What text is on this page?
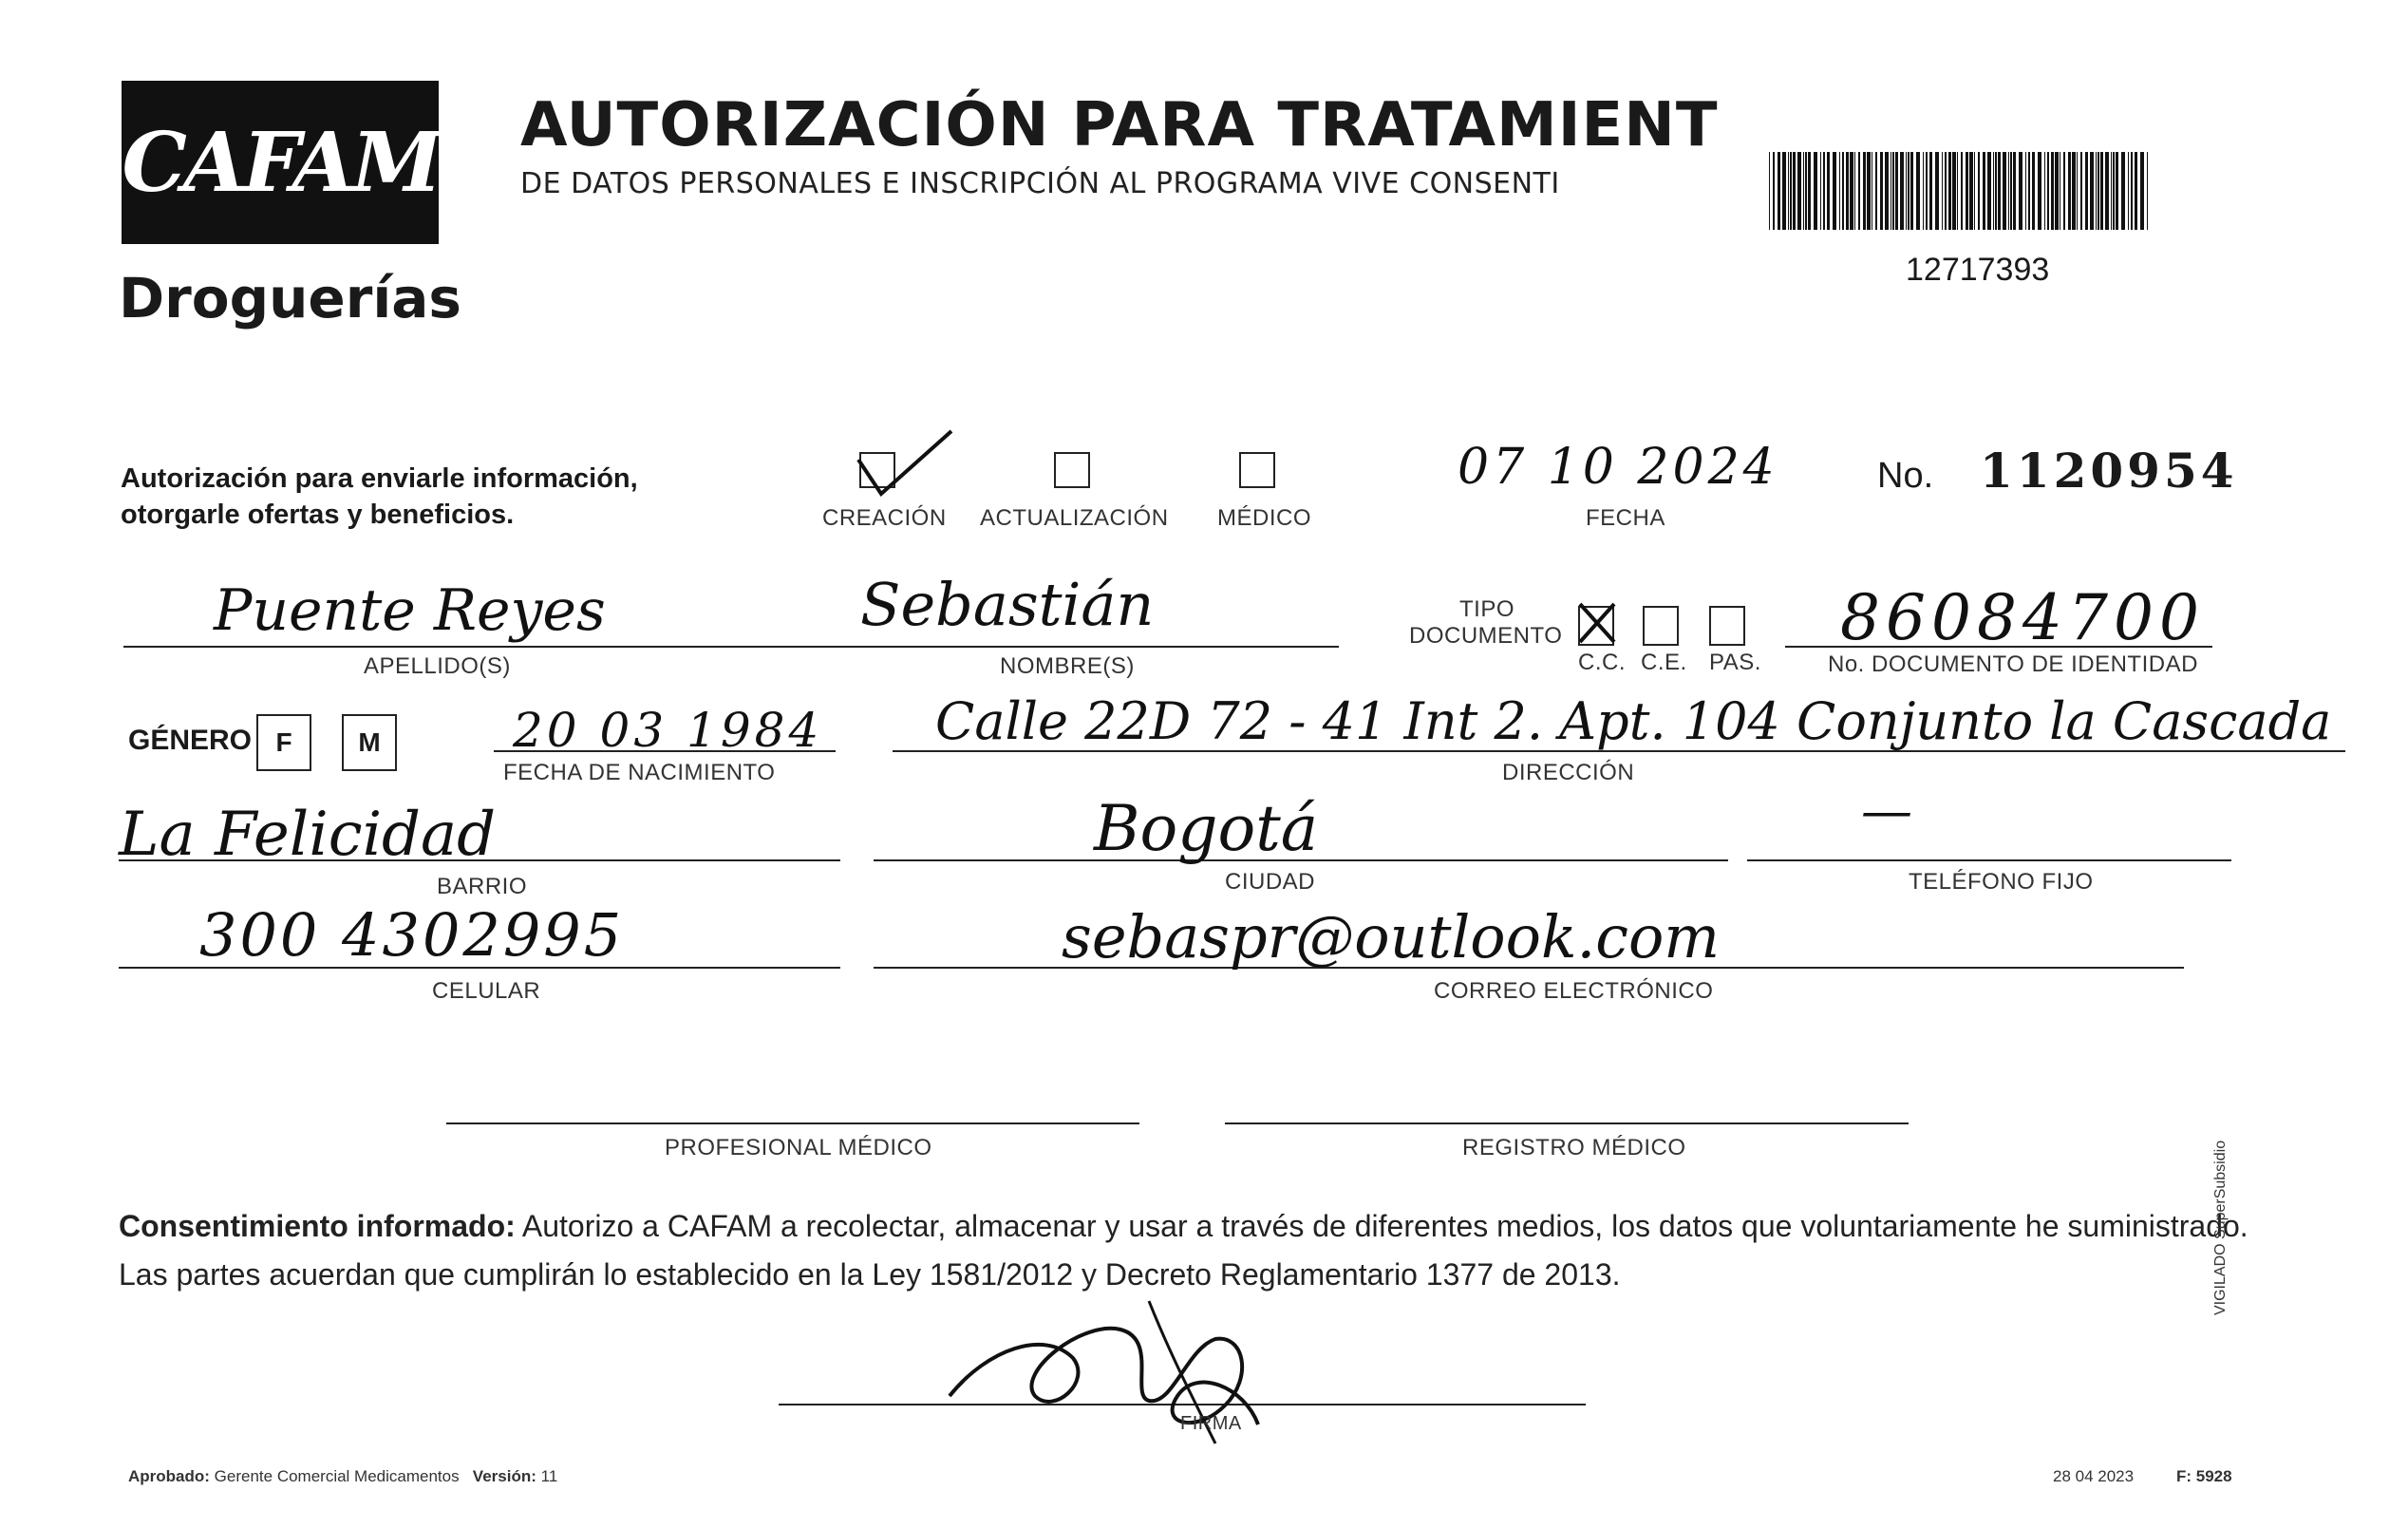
CAFAM
Droguerías
AUTORIZACIÓN PARA TRATAMIENT
DE DATOS PERSONALES E INSCRIPCIÓN AL PROGRAMA VIVE CONSENTI
12717393
Autorización para enviarle información,
otorgarle ofertas y beneficios.	CREACIÓN ACTUALIZACIÓN MÉDICO
07 10 2024
FECHA
No. 1120954
Puente Reyes
APELLIDO(S)
Sebastián
NOMBRE(S)
TIPO
DOCUMENTO
C.C. C.E. PAS.
86084700
No. DOCUMENTO DE IDENTIDAD
GÉNERO F	M	20 03 1984
FECHA DE NACIMIENTO
Calle 22D 72 - 41 Int 2. Apt. 104 Conjunto la Cascada
DIRECCIÓN
La Felicidad
BARRIO
Bogotá
CIUDAD
—
TELÉFONO FIJO
300 4302995
CELULAR
sebaspr@outlook.com
CORREO ELECTRÓNICO
PROFESIONAL MÉDICO	REGISTRO MÉDICO
Consentimiento informado: Autorizo a CAFAM a recolectar, almacenar y usar a través de diferentes medios, los datos que voluntariamente he suministrado.
Las partes acuerdan que cumplirán lo establecido en la Ley 1581/2012 y Decreto Reglamentario 1377 de 2013.
FIRMA
Aprobado: Gerente Comercial Medicamentos Versión: 11	28 04 2023	F: 5928
VIGILADO SuperSubsidio
